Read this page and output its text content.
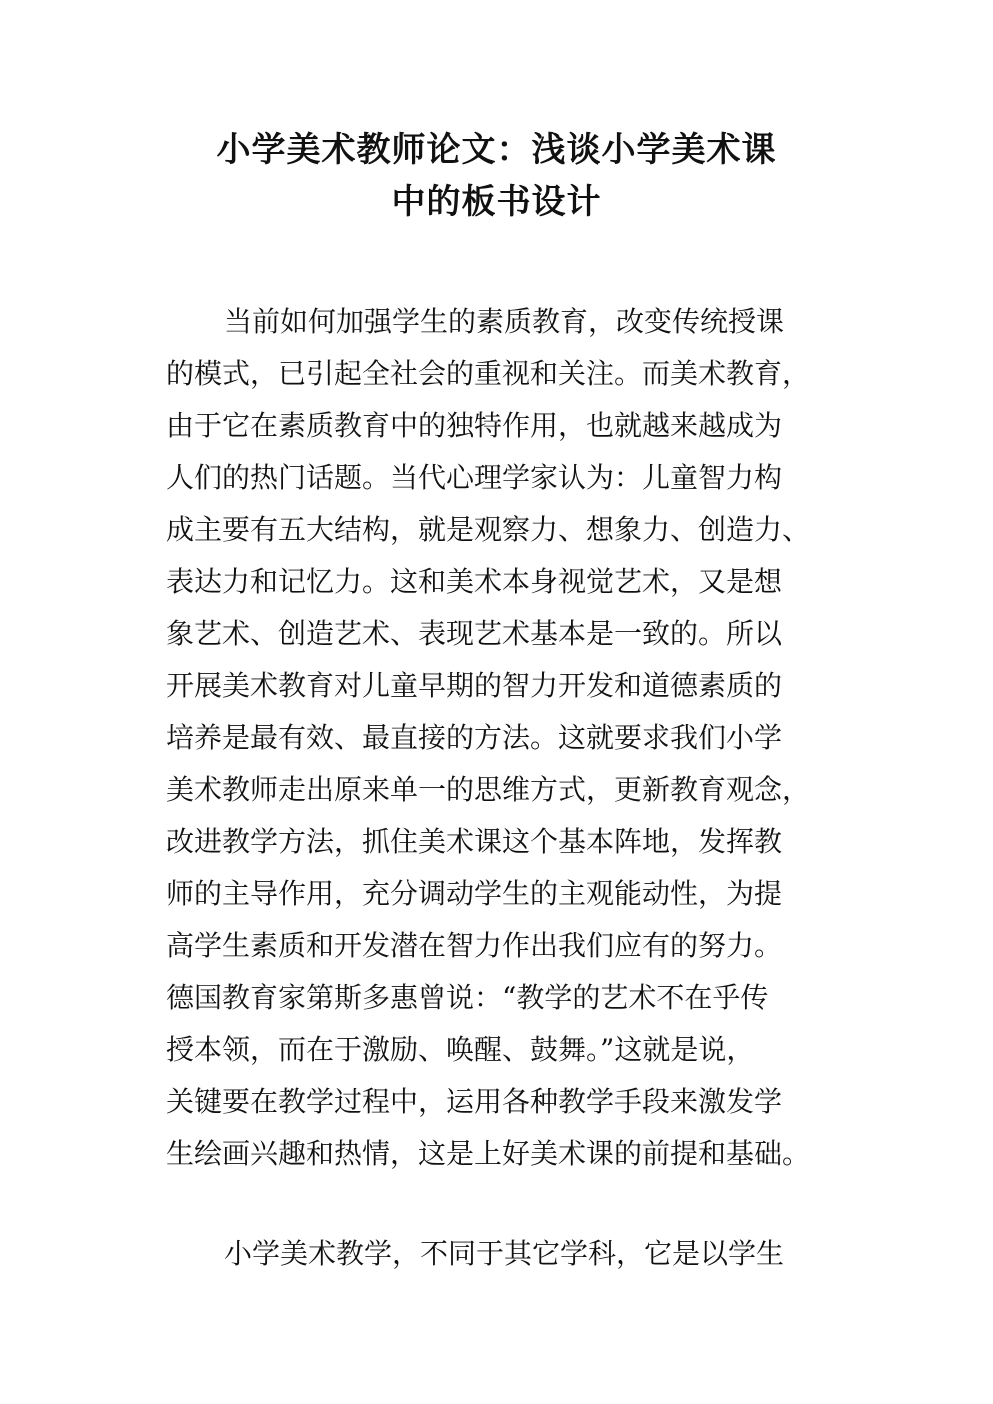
小学美术教师论文：浅谈小学美术课
中的板书设计

当前如何加强学生的素质教育，改变传统授课
的模式，已引起全社会的重视和关注。而美术教育，
由于它在素质教育中的独特作用，也就越来越成为
人们的热门话题。当代心理学家认为：儿童智力构
成主要有五大结构，就是观察力、想象力、创造力、
表达力和记忆力。这和美术本身视觉艺术，又是想
象艺术、创造艺术、表现艺术基本是一致的。所以
开展美术教育对儿童早期的智力开发和道德素质的
培养是最有效、最直接的方法。这就要求我们小学
美术教师走出原来单一的思维方式，更新教育观念，
改进教学方法，抓住美术课这个基本阵地，发挥教
师的主导作用，充分调动学生的主观能动性，为提
高学生素质和开发潜在智力作出我们应有的努力。
德国教育家第斯多惠曾说：“教学的艺术不在乎传
授本领，而在于激励、唤醒、鼓舞。”这就是说，
关键要在教学过程中，运用各种教学手段来激发学
生绘画兴趣和热情，这是上好美术课的前提和基础。

小学美术教学，不同于其它学科，它是以学生
